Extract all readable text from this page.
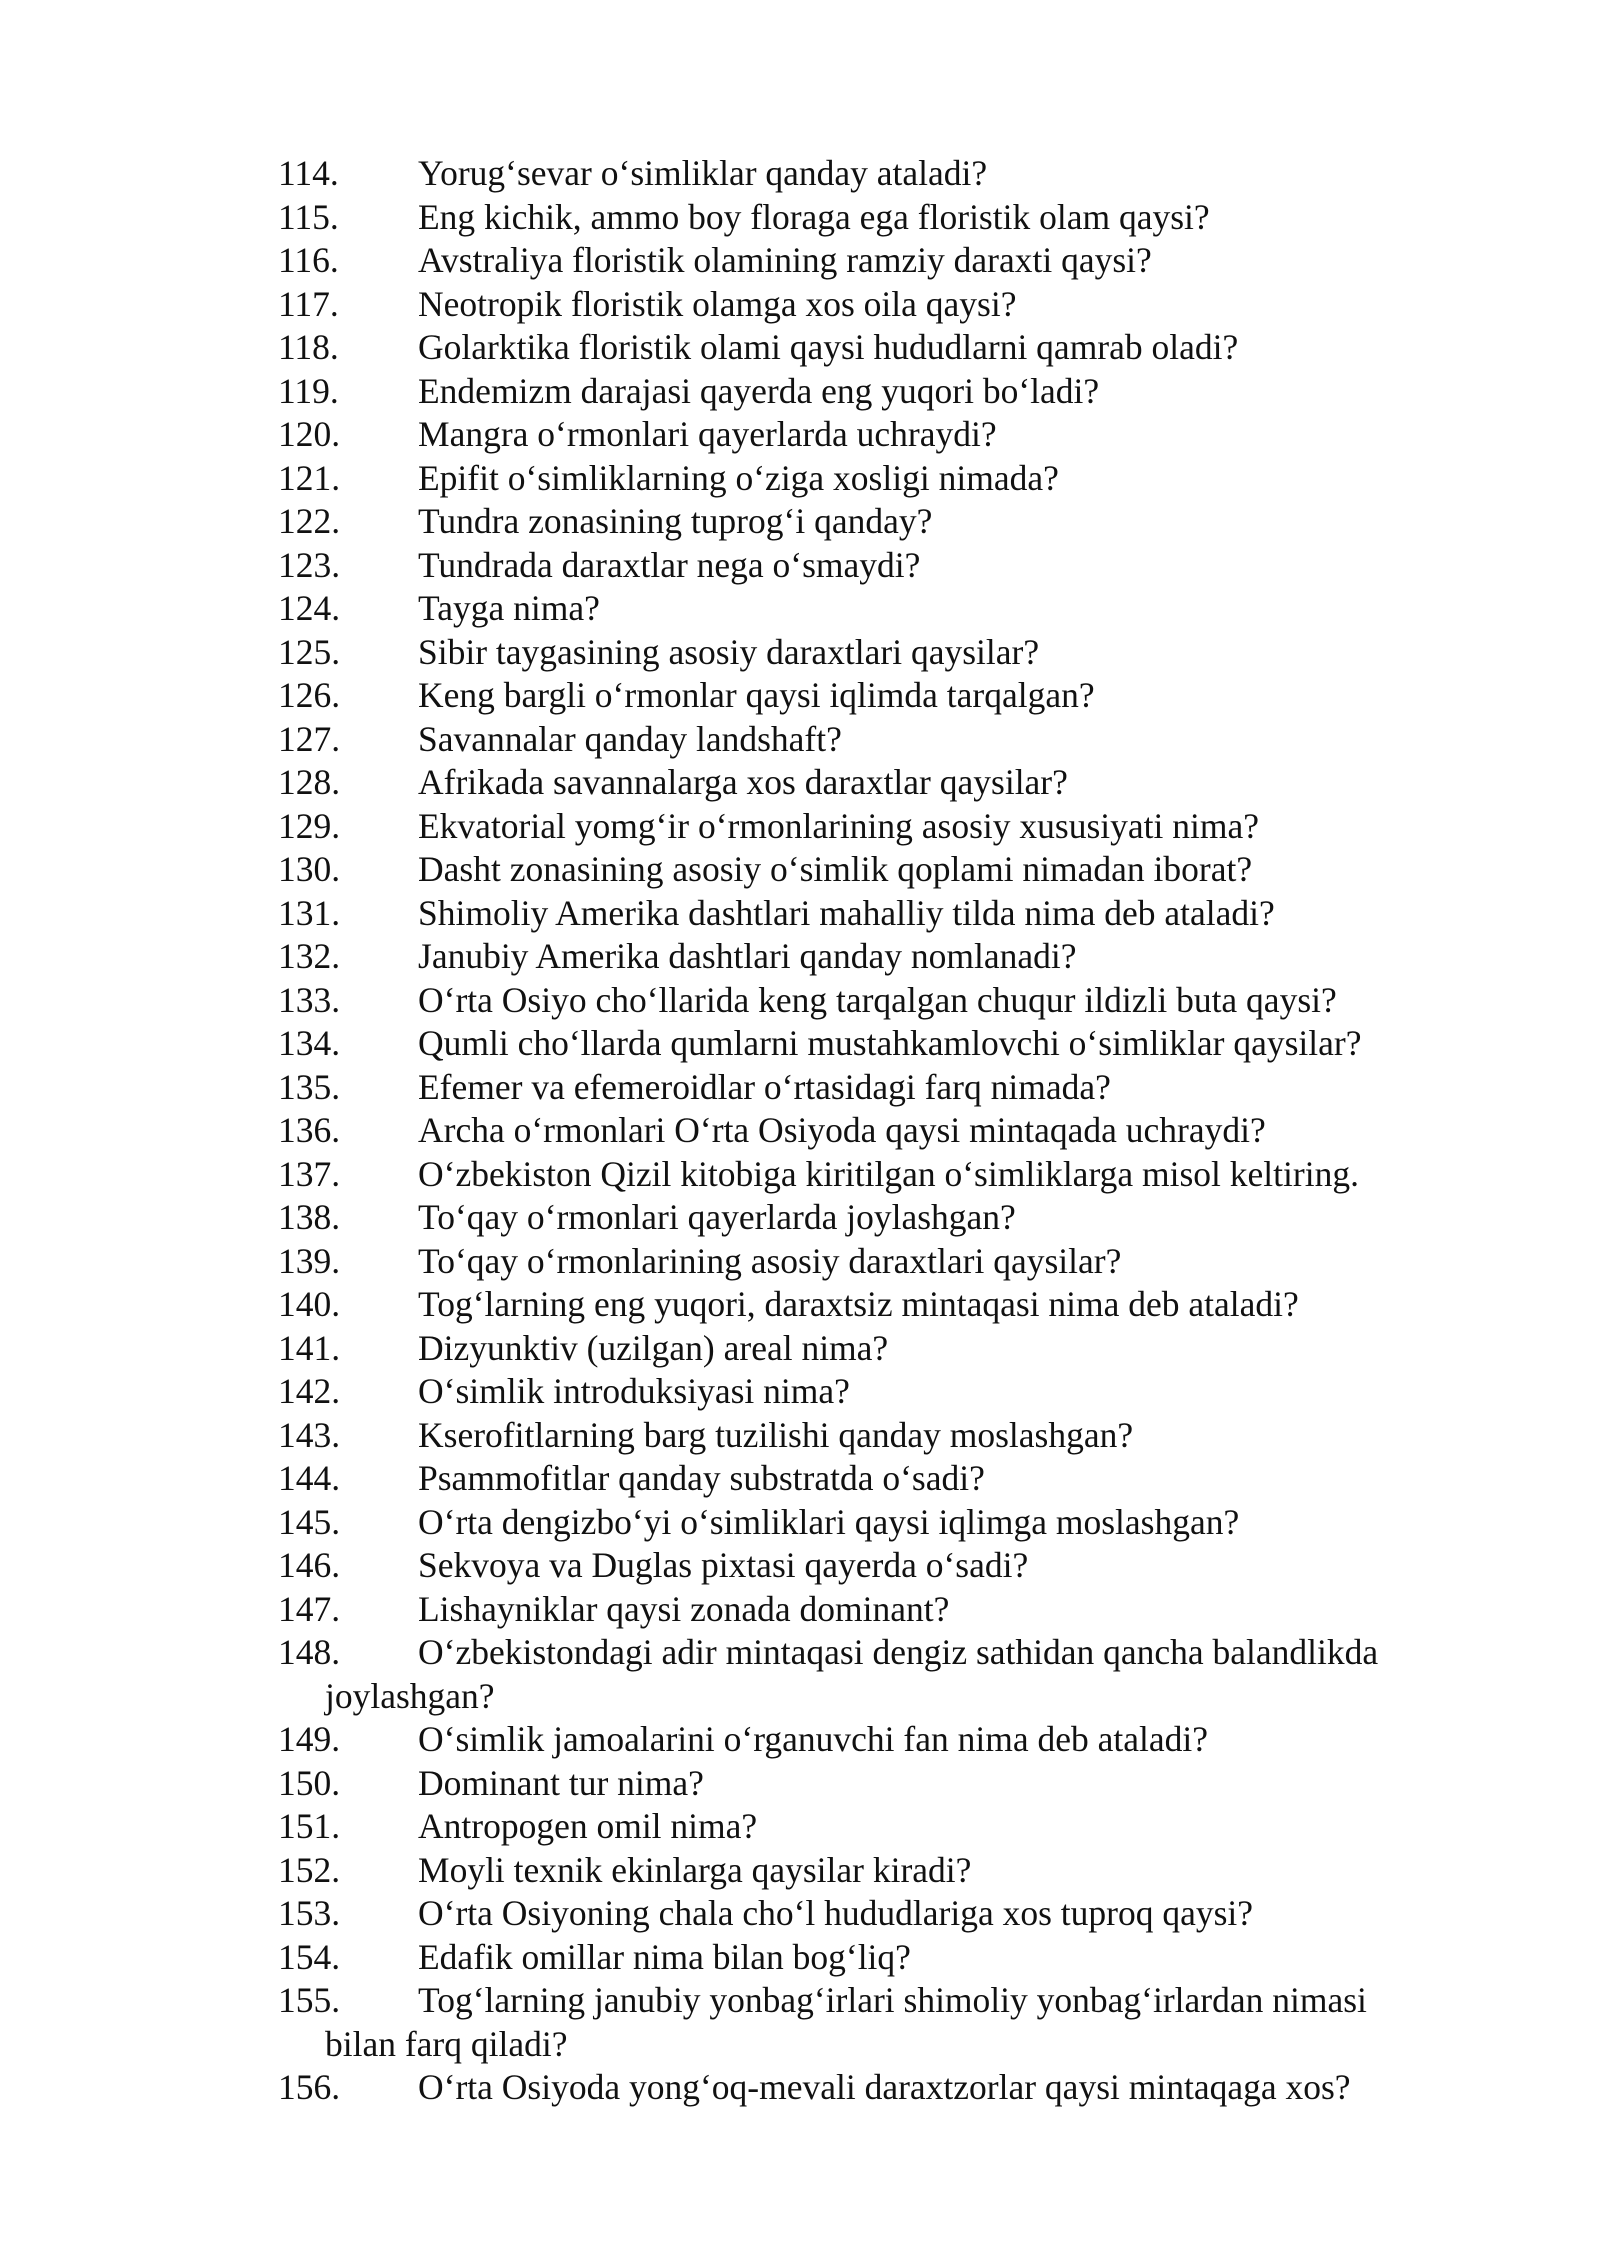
114.	Yorug‘sevar o‘simliklar qanday ataladi?
115.	Eng kichik, ammo boy floraga ega floristik olam qaysi?
116.	Avstraliya floristik olamining ramziy daraxti qaysi?
117.	Neotropik floristik olamga xos oila qaysi?
118.	Golarktika floristik olami qaysi hududlarni qamrab oladi?
119.	Endemizm darajasi qayerda eng yuqori bo‘ladi?
120.	Mangra o‘rmonlari qayerlarda uchraydi?
121.	Epifit o‘simliklarning o‘ziga xosligi nimada?
122.	Tundra zonasining tuprog‘i qanday?
123.	Tundrada daraxtlar nega o‘smaydi?
124.	Tayga nima?
125.	Sibir taygasining asosiy daraxtlari qaysilar?
126.	Keng bargli o‘rmonlar qaysi iqlimda tarqalgan?
127.	Savannalar qanday landshaft?
128.	Afrikada savannalarga xos daraxtlar qaysilar?
129.	Ekvatorial yomg‘ir o‘rmonlarining asosiy xususiyati nima?
130.	Dasht zonasining asosiy o‘simlik qoplami nimadan iborat?
131.	Shimoliy Amerika dashtlari mahalliy tilda nima deb ataladi?
132.	Janubiy Amerika dashtlari qanday nomlanadi?
133.	O‘rta Osiyo cho‘llarida keng tarqalgan chuqur ildizli buta qaysi?
134.	Qumli cho‘llarda qumlarni mustahkamlovchi o‘simliklar qaysilar?
135.	Efemer va efemeroidlar o‘rtasidagi farq nimada?
136.	Archa o‘rmonlari O‘rta Osiyoda qaysi mintaqada uchraydi?
137.	O‘zbekiston Qizil kitobiga kiritilgan o‘simliklarga misol keltiring.
138.	To‘qay o‘rmonlari qayerlarda joylashgan?
139.	To‘qay o‘rmonlarining asosiy daraxtlari qaysilar?
140.	Tog‘larning eng yuqori, daraxtsiz mintaqasi nima deb ataladi?
141.	Dizyunktiv (uzilgan) areal nima?
142.	O‘simlik introduksiyasi nima?
143.	Kserofitlarning barg tuzilishi qanday moslashgan?
144.	Psammofitlar qanday substratda o‘sadi?
145.	O‘rta dengizbo‘yi o‘simliklari qaysi iqlimga moslashgan?
146.	Sekvoya va Duglas pixtasi qayerda o‘sadi?
147.	Lishayniklar qaysi zonada dominant?
148.	O‘zbekistondagi adir mintaqasi dengiz sathidan qancha balandlikda
joylashgan?
149.	O‘simlik jamoalarini o‘rganuvchi fan nima deb ataladi?
150.	Dominant tur nima?
151.	Antropogen omil nima?
152.	Moyli texnik ekinlarga qaysilar kiradi?
153.	O‘rta Osiyoning chala cho‘l hududlariga xos tuproq qaysi?
154.	Edafik omillar nima bilan bog‘liq?
155.	Tog‘larning janubiy yonbag‘irlari shimoliy yonbag‘irlardan nimasi
bilan farq qiladi?
156.	O‘rta Osiyoda yong‘oq-mevali daraxtzorlar qaysi mintaqaga xos?
